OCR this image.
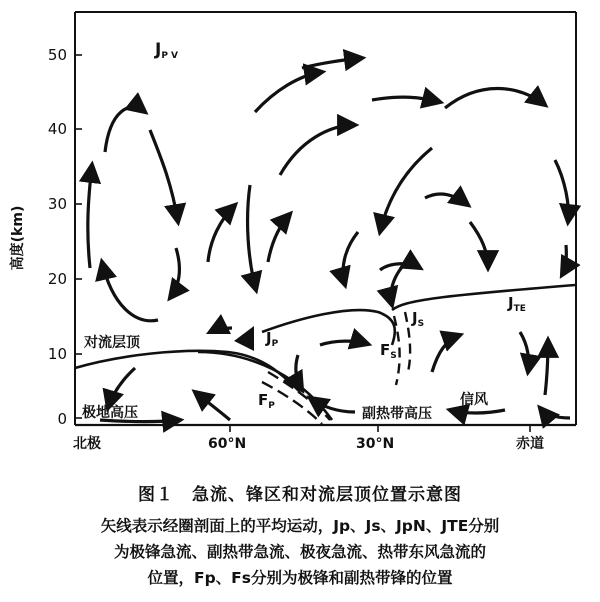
50
40
30
20
10
0
高度(km)
北极	60°N	30°N	赤道
JP V
$J_P$
$J_S$
$J_{TE}$
$F_P$
$F_S$
对流层顶
极地高压	副热带高压
信风
图１　急流、锋区和对流层顶位置示意图
矢线表示经圈剖面上的平均运动，Jp、Js、JpN、JTE分别
为极锋急流、副热带急流、极夜急流、热带东风急流的
位置，Fp、Fs分别为极锋和副热带锋的位置
